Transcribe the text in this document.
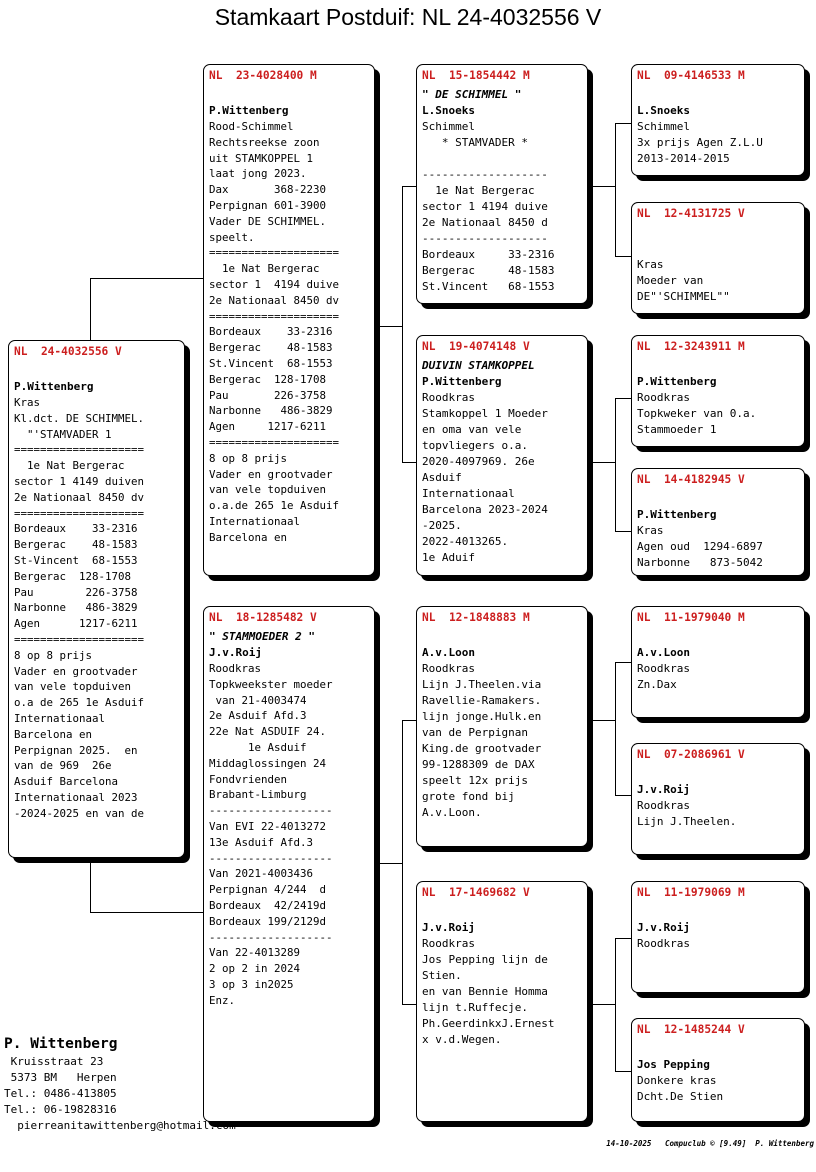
Stamkaart Postduif: NL 24-4032556 V
NL  24-4032556 V
P.Wittenberg
Kras
Kl.dct. DE SCHIMMEL.
"'STAMVADER 1
====================
1e Nat Bergerac
sector 1 4149 duiven
2e Nationaal 8450 dv
====================
Bordeaux    33-2316
Bergerac    48-1583
St-Vincent  68-1553
Bergerac  128-1708
Pau        226-3758
Narbonne   486-3829
Agen      1217-6211
====================
8 op 8 prijs
Vader en grootvader
van vele topduiven
o.a de 265 1e Asduif
Internationaal
Barcelona en
Perpignan 2025.  en
van de 969  26e
Asduif Barcelona
Internationaal 2023
-2024-2025 en van de
NL  23-4028400 M
P.Wittenberg
Rood-Schimmel
Rechtsreekse zoon
uit STAMKOPPEL 1
laat jong 2023.
Dax       368-2230
Perpignan 601-3900
Vader DE SCHIMMEL.
speelt.
====================
1e Nat Bergerac
sector 1  4194 duive
2e Nationaal 8450 dv
====================
Bordeaux    33-2316
Bergerac    48-1583
St.Vincent  68-1553
Bergerac  128-1708
Pau       226-3758
Narbonne   486-3829
Agen     1217-6211
====================
8 op 8 prijs
Vader en grootvader
van vele topduiven
o.a.de 265 1e Asduif
Internationaal
Barcelona en
NL  18-1285482 V
" STAMMOEDER 2 "
J.v.Roij
Roodkras
Topkweekster moeder
van 21-4003474
2e Asduif Afd.3
22e Nat ASDUIF 24.
1e Asduif
Middaglossingen 24
Fondvrienden
Brabant-Limburg
-------------------
Van EVI 22-4013272
13e Asduif Afd.3
-------------------
Van 2021-4003436
Perpignan 4/244  d
Bordeaux  42/2419d
Bordeaux 199/2129d
-------------------
Van 22-4013289
2 op 2 in 2024
3 op 3 in2025
Enz.
NL  15-1854442 M
" DE SCHIMMEL "
L.Snoeks
Schimmel
* STAMVADER *
-------------------
1e Nat Bergerac
sector 1 4194 duive
2e Nationaal 8450 d
-------------------
Bordeaux     33-2316
Bergerac     48-1583
St.Vincent   68-1553
NL  19-4074148 V
DUIVIN STAMKOPPEL
P.Wittenberg
Roodkras
Stamkoppel 1 Moeder
en oma van vele
topvliegers o.a.
2020-4097969. 26e
Asduif
Internationaal
Barcelona 2023-2024
-2025.
2022-4013265.
1e Aduif
NL  12-1848883 M
A.v.Loon
Roodkras
Lijn J.Theelen.via
Ravellie-Ramakers.
lijn jonge.Hulk.en
van de Perpignan
King.de grootvader
99-1288309 de DAX
speelt 12x prijs
grote fond bij
A.v.Loon.
NL  17-1469682 V
J.v.Roij
Roodkras
Jos Pepping lijn de
Stien.
en van Bennie Homma
lijn t.Ruffecje.
Ph.GeerdinkxJ.Ernest
x v.d.Wegen.
NL  09-4146533 M
L.Snoeks
Schimmel
3x prijs Agen Z.L.U
2013-2014-2015
NL  12-4131725 V
Kras
Moeder van
DE"'SCHIMMEL""
NL  12-3243911 M
P.Wittenberg
Roodkras
Topkweker van 0.a.
Stammoeder 1
NL  14-4182945 V
P.Wittenberg
Kras
Agen oud  1294-6897
Narbonne   873-5042
NL  11-1979040 M
A.v.Loon
Roodkras
Zn.Dax
NL  07-2086961 V
J.v.Roij
Roodkras
Lijn J.Theelen.
NL  11-1979069 M
J.v.Roij
Roodkras
NL  12-1485244 V
Jos Pepping
Donkere kras
Dcht.De Stien
P. Wittenberg
Kruisstraat 23
5373 BM   Herpen
Tel.: 0486-413805
Tel.: 06-19828316
pierreanitawittenberg@hotmail.com
14-10-2025   Compuclub © [9.49]  P. Wittenberg
